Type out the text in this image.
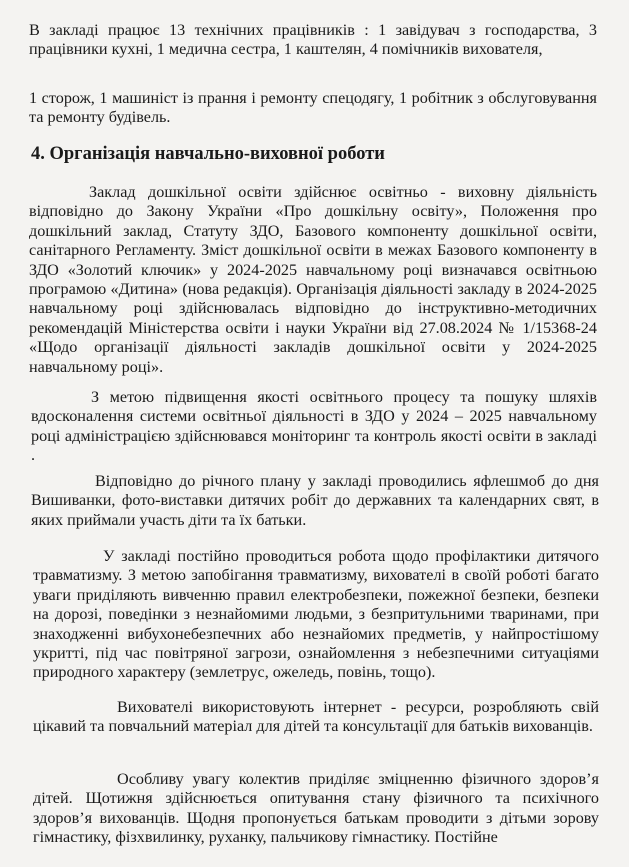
В закладі працює 13 технічних працівників : 1 завідувач з господарства, 3 працівники кухні, 1 медична сестра, 1 каштелян, 4 помічників вихователя,

1 сторож, 1 машиніст із прання і ремонту спецодягу, 1 робітник з обслуговування та ремонту будівель.

4. Організація навчально-виховної роботи

Заклад дошкільної освіти здійснює освітньо - виховну діяльність відповідно до Закону України «Про дошкільну освіту», Положення про дошкільний заклад, Статуту ЗДО, Базового компоненту дошкільної освіти, санітарного Регламенту. Зміст дошкільної освіти в межах Базового компоненту в ЗДО «Золотий ключик» у 2024-2025 навчальному році визначався освітньою програмою «Дитина» (нова редакція). Організація діяльності закладу в 2024-2025 навчальному році здійснювалась відповідно до інструктивно-методичних рекомендацій Міністерства освіти і науки України від 27.08.2024 № 1/15368-24 «Щодо організації діяльності закладів дошкільної освіти у 2024-2025 навчальному році».

З метою підвищення якості освітнього процесу та пошуку шляхів вдосконалення системи освітньої діяльності в ЗДО у 2024 – 2025 навчальному році адміністрацією здійснювався моніторинг та контроль якості освіти в закладі .

Відповідно до річного плану у закладі проводились яфлешмоб до дня Вишиванки, фото-виставки дитячих робіт до державних та календарних свят, в яких приймали участь діти та їх батьки.

У закладі постійно проводиться робота щодо профілактики дитячого травматизму. З метою запобігання травматизму, вихователі в своїй роботі багато уваги приділяють вивченню правил електробезпеки, пожежної безпеки, безпеки на дорозі, поведінки з незнайомими людьми, з безпритульними тваринами, при знаходженні вибухонебезпечних або незнайомих предметів, у найпростішому укритті, під час повітряної загрози, ознайомлення з небезпечними ситуаціями природного характеру (землетрус, ожеледь, повінь, тощо).

Вихователі використовують інтернет - ресурси, розробляють свій цікавий та повчальний матеріал для дітей та консультації для батьків вихованців.

Особливу увагу колектив приділяє зміцненню фізичного здоров’я дітей. Щотижня здійснюється опитування стану фізичного та психічного здоров’я вихованців. Щодня пропонується батькам проводити з дітьми зорову гімнастику, фізхвилинку, руханку, пальчикову гімнастику. Постійне
